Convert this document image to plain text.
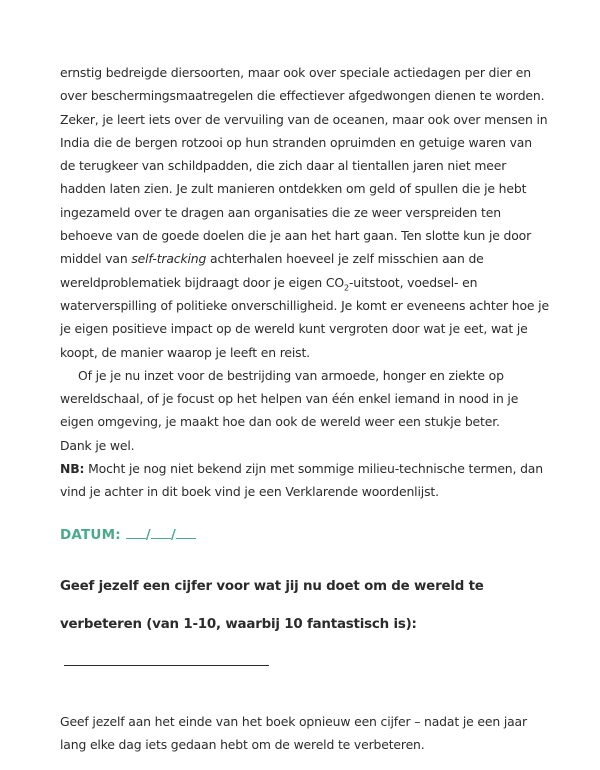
ernstig bedreigde diersoorten, maar ook over speciale actiedagen per dier en over beschermingsmaatregelen die effectiever afgedwongen dienen te worden. Zeker, je leert iets over de vervuiling van de oceanen, maar ook over mensen in India die de bergen rotzooi op hun stranden opruimden en getuige waren van de terugkeer van schildpadden, die zich daar al tientallen jaren niet meer hadden laten zien. Je zult manieren ontdekken om geld of spullen die je hebt ingezameld over te dragen aan organisaties die ze weer verspreiden ten behoeve van de goede doelen die je aan het hart gaan. Ten slotte kun je door middel van self-tracking achterhalen hoeveel je zelf misschien aan de wereldproblematiek bijdraagt door je eigen $CO_2$-uitstoot, voedsel- en waterverspilling of politieke onverschilligheid. Je komt er eveneens achter hoe je je eigen positieve impact op de wereld kunt vergroten door wat je eet, wat je koopt, de manier waarop je leeft en reist.

Of je je nu inzet voor de bestrijding van armoede, honger en ziekte op wereldschaal, of je focust op het helpen van één enkel iemand in nood in je eigen omgeving, je maakt hoe dan ook de wereld weer een stukje beter.

Dank je wel.

NB: Mocht je nog niet bekend zijn met sommige milieu-technische termen, dan vind je achter in dit boek vind je een Verklarende woordenlijst.

DATUM: / /
Geef jezelf een cijfer voor wat jij nu doet om de wereld te verbeteren (van 1-10, waarbij 10 fantastisch is):
Geef jezelf aan het einde van het boek opnieuw een cijfer – nadat je een jaar lang elke dag iets gedaan hebt om de wereld te verbeteren.
